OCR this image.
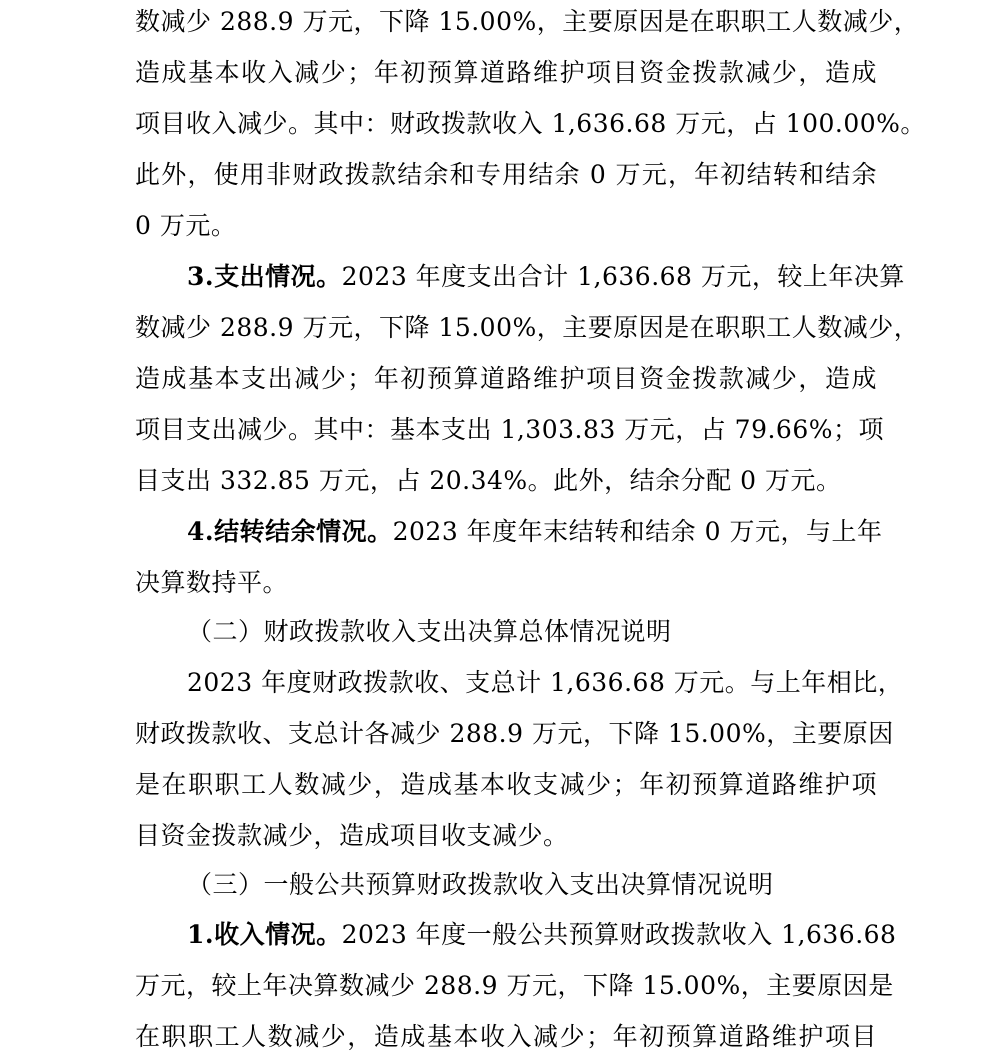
数减少 288.9 万元，下降 15.00%，主要原因是在职职工人数减少，
造成基本收入减少；年初预算道路维护项目资金拨款减少，造成
项目收入减少。其中：财政拨款收入 1,636.68 万元，占 100.00%。
此外，使用非财政拨款结余和专用结余 0 万元，年初结转和结余
0 万元。
3.支出情况。2023 年度支出合计 1,636.68 万元，较上年决算
数减少 288.9 万元，下降 15.00%，主要原因是在职职工人数减少，
造成基本支出减少；年初预算道路维护项目资金拨款减少，造成
项目支出减少。其中：基本支出 1,303.83 万元，占 79.66%；项
目支出 332.85 万元，占 20.34%。此外，结余分配 0 万元。
4.结转结余情况。2023 年度年末结转和结余 0 万元，与上年
决算数持平。
（二）财政拨款收入支出决算总体情况说明
2023 年度财政拨款收、支总计 1,636.68 万元。与上年相比，
财政拨款收、支总计各减少 288.9 万元，下降 15.00%，主要原因
是在职职工人数减少，造成基本收支减少；年初预算道路维护项
目资金拨款减少，造成项目收支减少。
（三）一般公共预算财政拨款收入支出决算情况说明
1.收入情况。2023 年度一般公共预算财政拨款收入 1,636.68
万元，较上年决算数减少 288.9 万元，下降 15.00%，主要原因是
在职职工人数减少，造成基本收入减少；年初预算道路维护项目
